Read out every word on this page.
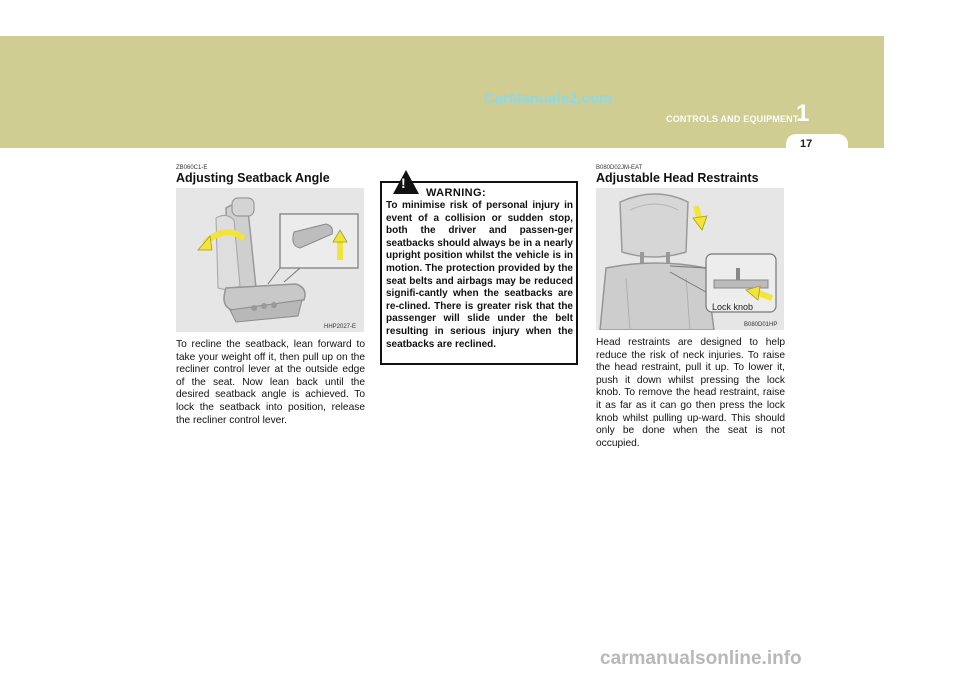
CarManuals2.com
1
CONTROLS AND EQUIPMENT
17
ZB060C1-E
Adjusting Seatback Angle
HHP2027-E
To recline the seatback, lean forward to take your weight off it, then pull up on the recliner control lever at the outside edge of the seat. Now lean back until the desired seatback angle is achieved. To lock the seatback into position, release the recliner control lever.
!
WARNING:
To minimise risk of personal injury in event of a collision or sudden stop, both the driver and passen-ger seatbacks should always be in a nearly upright position whilst the vehicle is in motion. The protection provided by the seat belts and airbags may be reduced signifi-cantly when the seatbacks are re-clined. There is greater risk that the passenger will slide under the belt resulting in serious injury when the seatbacks are reclined.
B080D02JM-EAT
Adjustable Head Restraints
B080D01HP
Lock knob
Head restraints are designed to help reduce the risk of neck injuries. To raise the head restraint, pull it up. To lower it, push it down whilst pressing the lock knob. To remove the head restraint, raise it as far as it can go then press the lock knob whilst pulling up-ward. This should only be done when the seat is not occupied.
carmanualsonline.info
